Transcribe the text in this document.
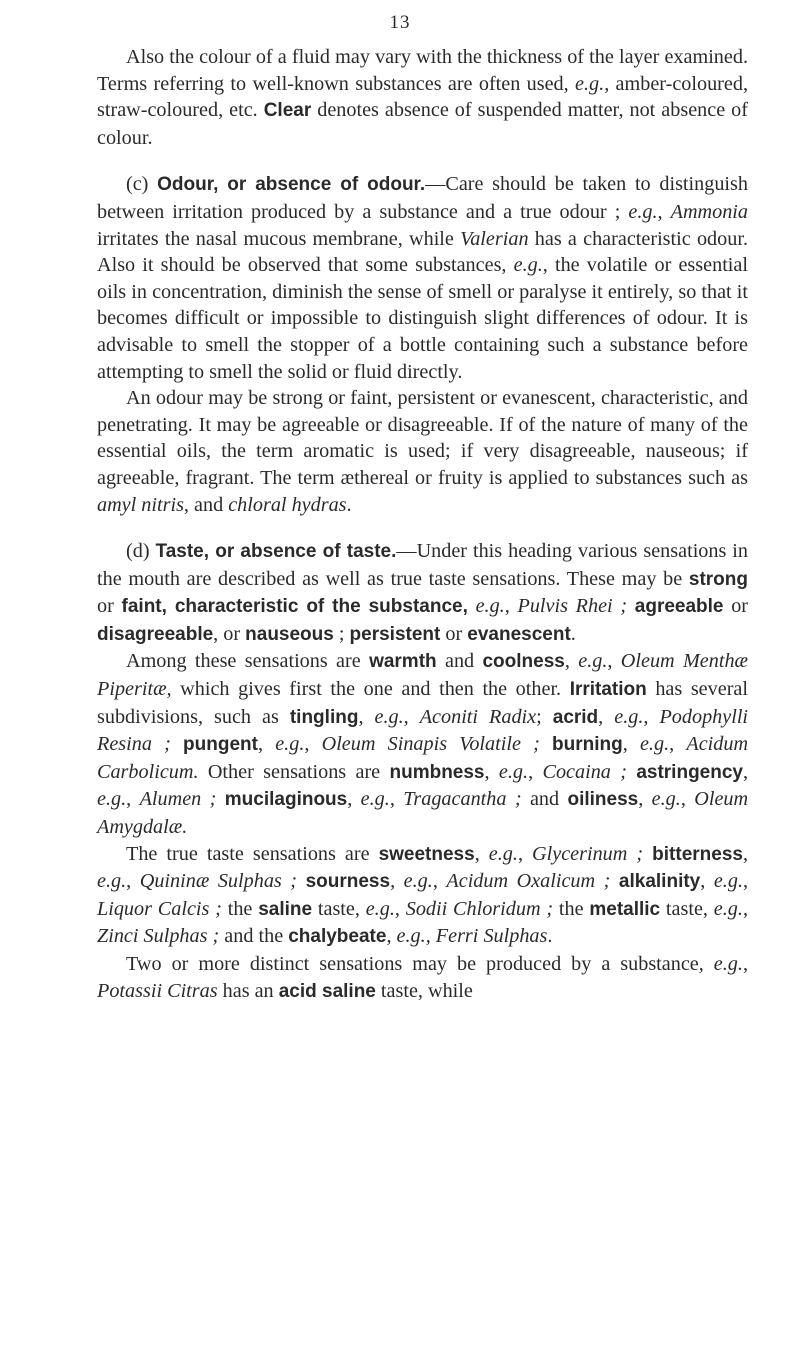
13

Also the colour of a fluid may vary with the thickness of the layer examined. Terms referring to well-known substances are often used, e.g., amber-coloured, straw-coloured, etc. Clear denotes absence of suspended matter, not absence of colour.

(c) Odour, or absence of odour.—Care should be taken to distinguish between irritation produced by a substance and a true odour ; e.g., Ammonia irritates the nasal mucous membrane, while Valerian has a characteristic odour. Also it should be observed that some substances, e.g., the volatile or essential oils in concentration, diminish the sense of smell or paralyse it entirely, so that it becomes difficult or impossible to distinguish slight differences of odour. It is advisable to smell the stopper of a bottle containing such a substance before attempting to smell the solid or fluid directly.

An odour may be strong or faint, persistent or evanescent, characteristic, and penetrating. It may be agreeable or disagreeable. If of the nature of many of the essential oils, the term aromatic is used; if very disagreeable, nauseous; if agreeable, fragrant. The term æthereal or fruity is applied to substances such as amyl nitris, and chloral hydras.

(d) Taste, or absence of taste.—Under this heading various sensations in the mouth are described as well as true taste sensations. These may be strong or faint, characteristic of the substance, e.g., Pulvis Rhei ; agreeable or disagreeable, or nauseous ; persistent or evanescent.

Among these sensations are warmth and coolness, e.g., Oleum Menthæ Piperitæ, which gives first the one and then the other. Irritation has several subdivisions, such as tingling, e.g., Aconiti Radix; acrid, e.g., Podophylli Resina ; pungent, e.g., Oleum Sinapis Volatile ; burning, e.g., Acidum Carbolicum. Other sensations are numbness, e.g., Cocaina ; astringency, e.g., Alumen ; mucilaginous, e.g., Tragacantha ; and oiliness, e.g., Oleum Amygdalæ.

The true taste sensations are sweetness, e.g., Glycerinum ; bitterness, e.g., Quininæ Sulphas ; sourness, e.g., Acidum Oxalicum ; alkalinity, e.g., Liquor Calcis ; the saline taste, e.g., Sodii Chloridum ; the metallic taste, e.g., Zinci Sulphas ; and the chalybeate, e.g., Ferri Sulphas.

Two or more distinct sensations may be produced by a substance, e.g., Potassii Citras has an acid saline taste, while
